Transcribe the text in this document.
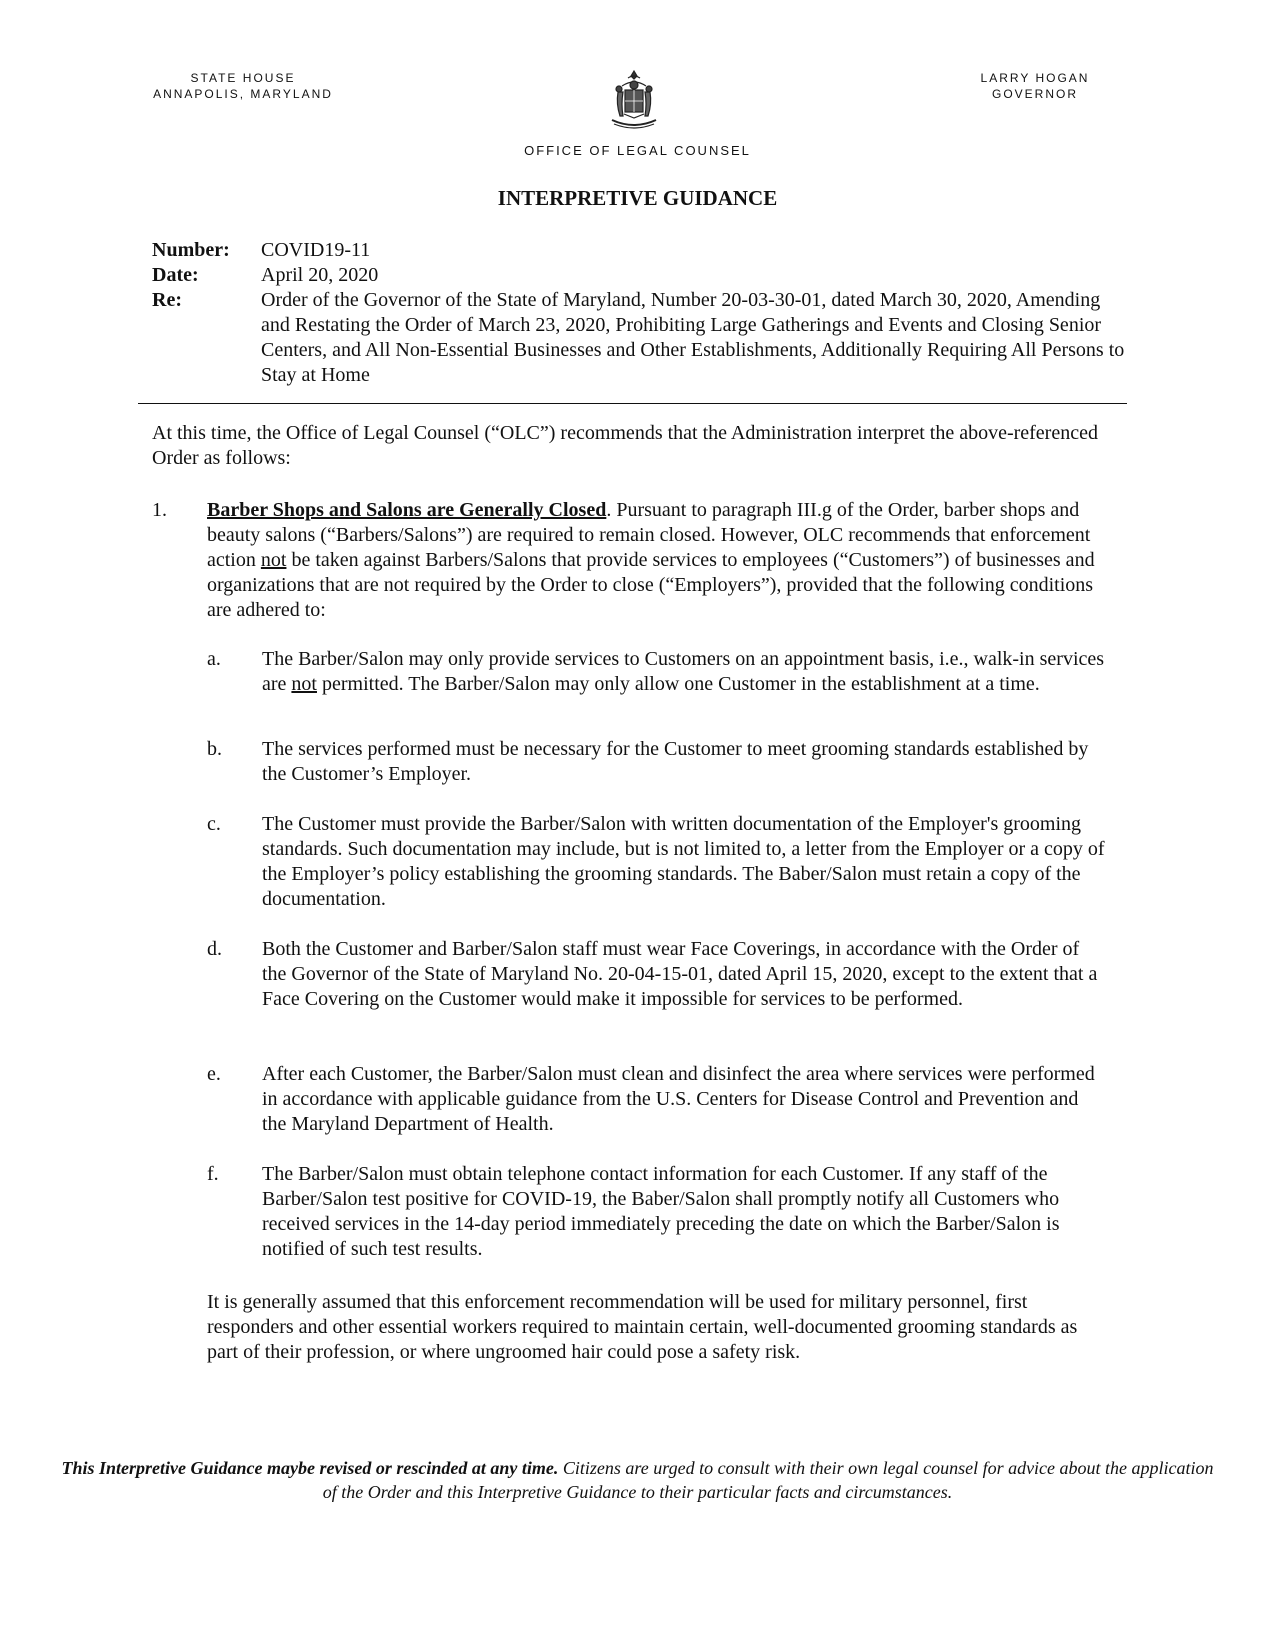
STATE HOUSE
ANNAPOLIS, MARYLAND
LARRY HOGAN
GOVERNOR
OFFICE OF LEGAL COUNSEL
INTERPRETIVE GUIDANCE
Number:	COVID19-11
Date:	April 20, 2020
Re:	Order of the Governor of the State of Maryland, Number 20-03-30-01, dated March 30, 2020, Amending and Restating the Order of March 23, 2020, Prohibiting Large Gatherings and Events and Closing Senior Centers, and All Non-Essential Businesses and Other Establishments, Additionally Requiring All Persons to Stay at Home
At this time, the Office of Legal Counsel (“OLC”) recommends that the Administration interpret the above-referenced Order as follows:
1. Barber Shops and Salons are Generally Closed. Pursuant to paragraph III.g of the Order, barber shops and beauty salons (“Barbers/Salons”) are required to remain closed. However, OLC recommends that enforcement action not be taken against Barbers/Salons that provide services to employees (“Customers”) of businesses and organizations that are not required by the Order to close (“Employers”), provided that the following conditions are adhered to:
a. The Barber/Salon may only provide services to Customers on an appointment basis, i.e., walk-in services are not permitted. The Barber/Salon may only allow one Customer in the establishment at a time.
b. The services performed must be necessary for the Customer to meet grooming standards established by the Customer’s Employer.
c. The Customer must provide the Barber/Salon with written documentation of the Employer's grooming standards. Such documentation may include, but is not limited to, a letter from the Employer or a copy of the Employer’s policy establishing the grooming standards. The Baber/Salon must retain a copy of the documentation.
d. Both the Customer and Barber/Salon staff must wear Face Coverings, in accordance with the Order of the Governor of the State of Maryland No. 20-04-15-01, dated April 15, 2020, except to the extent that a Face Covering on the Customer would make it impossible for services to be performed.
e. After each Customer, the Barber/Salon must clean and disinfect the area where services were performed in accordance with applicable guidance from the U.S. Centers for Disease Control and Prevention and the Maryland Department of Health.
f. The Barber/Salon must obtain telephone contact information for each Customer. If any staff of the Barber/Salon test positive for COVID-19, the Baber/Salon shall promptly notify all Customers who received services in the 14-day period immediately preceding the date on which the Barber/Salon is notified of such test results.
It is generally assumed that this enforcement recommendation will be used for military personnel, first responders and other essential workers required to maintain certain, well-documented grooming standards as part of their profession, or where ungroomed hair could pose a safety risk.
This Interpretive Guidance maybe revised or rescinded at any time. Citizens are urged to consult with their own legal counsel for advice about the application of the Order and this Interpretive Guidance to their particular facts and circumstances.
